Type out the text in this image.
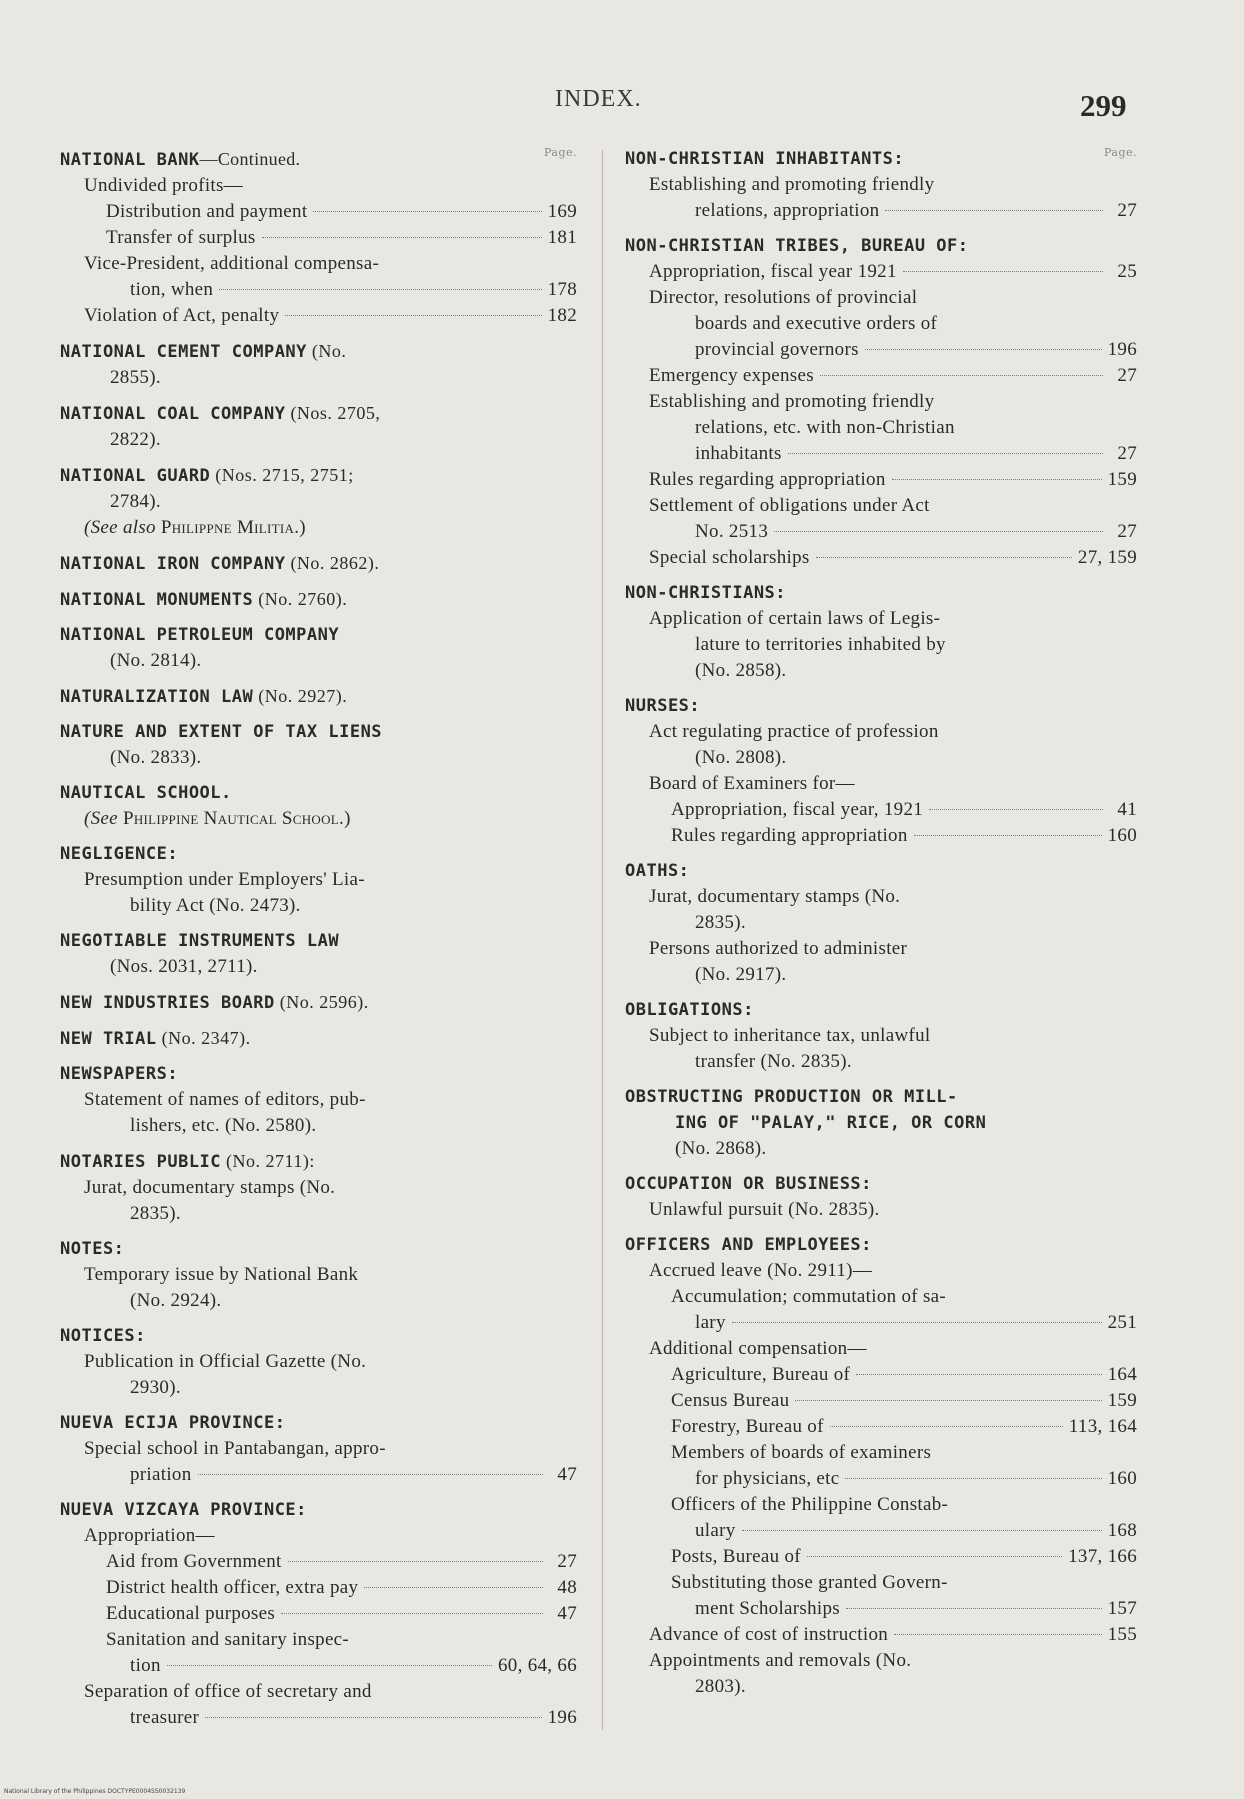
INDEX.	299
Page.
NATIONAL BANK—Continued.
Undivided profits—
Distribution and payment	169
Transfer of surplus	181
Vice-President, additional compensa-
tion, when	178
Violation of Act, penalty	182
NATIONAL CEMENT COMPANY (No.
2855).
NATIONAL COAL COMPANY (Nos. 2705,
2822).
NATIONAL GUARD (Nos. 2715, 2751;
2784).
(See also Philippne Militia.)
NATIONAL IRON COMPANY (No. 2862).
NATIONAL MONUMENTS (No. 2760).
NATIONAL PETROLEUM COMPANY
(No. 2814).
NATURALIZATION LAW (No. 2927).
NATURE AND EXTENT OF TAX LIENS
(No. 2833).
NAUTICAL SCHOOL.
(See Philippine Nautical School.)
NEGLIGENCE:
Presumption under Employers' Lia-
bility Act (No. 2473).
NEGOTIABLE INSTRUMENTS LAW
(Nos. 2031, 2711).
NEW INDUSTRIES BOARD (No. 2596).
NEW TRIAL (No. 2347).
NEWSPAPERS:
Statement of names of editors, pub-
lishers, etc. (No. 2580).
NOTARIES PUBLIC (No. 2711):
Jurat, documentary stamps (No.
2835).
NOTES:
Temporary issue by National Bank
(No. 2924).
NOTICES:
Publication in Official Gazette (No.
2930).
NUEVA ECIJA PROVINCE:
Special school in Pantabangan, appro-
priation	47
NUEVA VIZCAYA PROVINCE:
Appropriation—
Aid from Government	27
District health officer, extra pay	48
Educational purposes	47
Sanitation and sanitary inspec-
tion	60, 64, 66
Separation of office of secretary and
treasurer	196
Page.
NON-CHRISTIAN INHABITANTS:
Establishing and promoting friendly
relations, appropriation	27
NON-CHRISTIAN TRIBES, BUREAU OF:
Appropriation, fiscal year 1921	25
Director, resolutions of provincial
boards and executive orders of
provincial governors	196
Emergency expenses	27
Establishing and promoting friendly
relations, etc. with non-Christian
inhabitants	27
Rules regarding appropriation	159
Settlement of obligations under Act
No. 2513	27
Special scholarships	27, 159
NON-CHRISTIANS:
Application of certain laws of Legis-
lature to territories inhabited by
(No. 2858).
NURSES:
Act regulating practice of profession
(No. 2808).
Board of Examiners for—
Appropriation, fiscal year, 1921	41
Rules regarding appropriation	160
OATHS:
Jurat, documentary stamps (No.
2835).
Persons authorized to administer
(No. 2917).
OBLIGATIONS:
Subject to inheritance tax, unlawful
transfer (No. 2835).
OBSTRUCTING PRODUCTION OR MILL-
ING OF "PALAY," RICE, OR CORN
(No. 2868).
OCCUPATION OR BUSINESS:
Unlawful pursuit (No. 2835).
OFFICERS AND EMPLOYEES:
Accrued leave (No. 2911)—
Accumulation; commutation of sa-
lary	251
Additional compensation—
Agriculture, Bureau of	164
Census Bureau	159
Forestry, Bureau of	113, 164
Members of boards of examiners
for physicians, etc	160
Officers of the Philippine Constab-
ulary	168
Posts, Bureau of	137, 166
Substituting those granted Govern-
ment Scholarships	157
Advance of cost of instruction	155
Appointments and removals (No.
2803).
National Library of the Philippines DOCTYPE0004SS0032139
